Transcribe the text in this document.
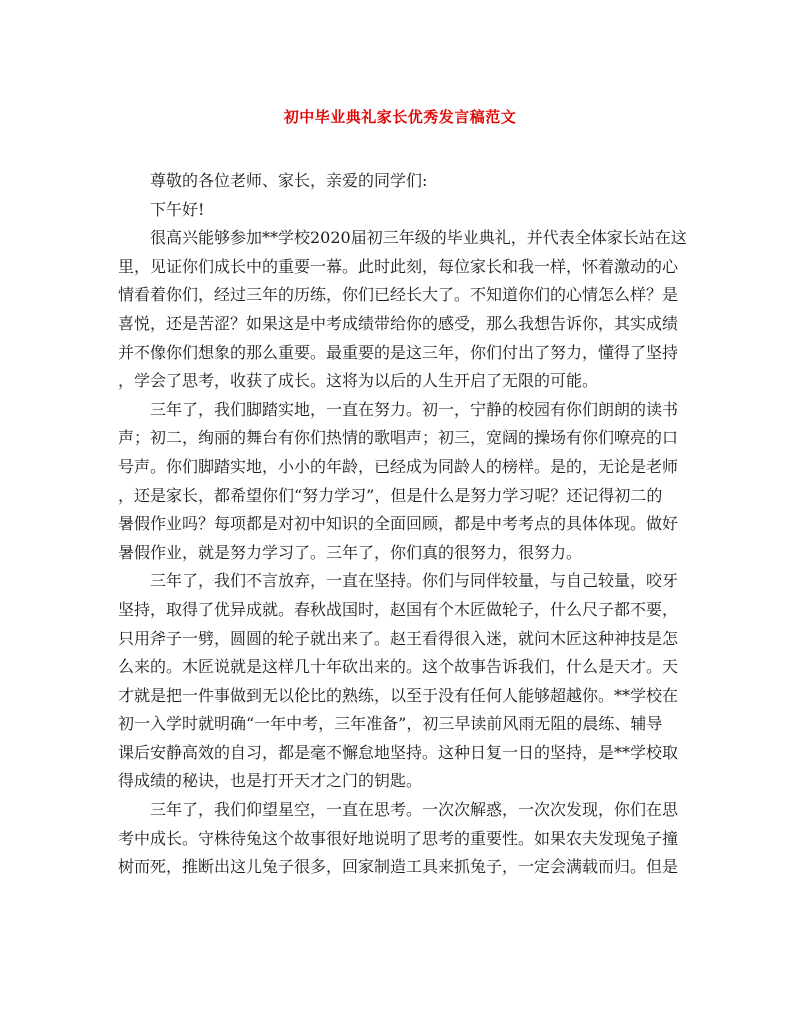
初中毕业典礼家长优秀发言稿范文
尊敬的各位老师、家长，亲爱的同学们:
下午好!
很高兴能够参加**学校2020届初三年级的毕业典礼，并代表全体家长站在这
里，见证你们成长中的重要一幕。此时此刻，每位家长和我一样，怀着激动的心
情看着你们，经过三年的历练，你们已经长大了。不知道你们的心情怎么样？是
喜悦，还是苦涩？如果这是中考成绩带给你的感受，那么我想告诉你，其实成绩
并不像你们想象的那么重要。最重要的是这三年，你们付出了努力，懂得了坚持
，学会了思考，收获了成长。这将为以后的人生开启了无限的可能。
三年了，我们脚踏实地，一直在努力。初一，宁静的校园有你们朗朗的读书
声；初二，绚丽的舞台有你们热情的歌唱声；初三，宽阔的操场有你们嘹亮的口
号声。你们脚踏实地，小小的年龄，已经成为同龄人的榜样。是的，无论是老师
，还是家长，都希望你们“努力学习”，但是什么是努力学习呢？还记得初二的
暑假作业吗？每项都是对初中知识的全面回顾，都是中考考点的具体体现。做好
暑假作业，就是努力学习了。三年了，你们真的很努力，很努力。
三年了，我们不言放弃，一直在坚持。你们与同伴较量，与自己较量，咬牙
坚持，取得了优异成就。春秋战国时，赵国有个木匠做轮子，什么尺子都不要，
只用斧子一劈，圆圆的轮子就出来了。赵王看得很入迷，就问木匠这种神技是怎
么来的。木匠说就是这样几十年砍出来的。这个故事告诉我们，什么是天才。天
才就是把一件事做到无以伦比的熟练，以至于没有任何人能够超越你。**学校在
初一入学时就明确“一年中考，三年准备”，初三早读前风雨无阻的晨练、辅导
课后安静高效的自习，都是毫不懈怠地坚持。这种日复一日的坚持，是**学校取
得成绩的秘诀，也是打开天才之门的钥匙。
三年了，我们仰望星空，一直在思考。一次次解惑，一次次发现，你们在思
考中成长。守株待兔这个故事很好地说明了思考的重要性。如果农夫发现兔子撞
树而死，推断出这儿兔子很多，回家制造工具来抓兔子，一定会满载而归。但是
